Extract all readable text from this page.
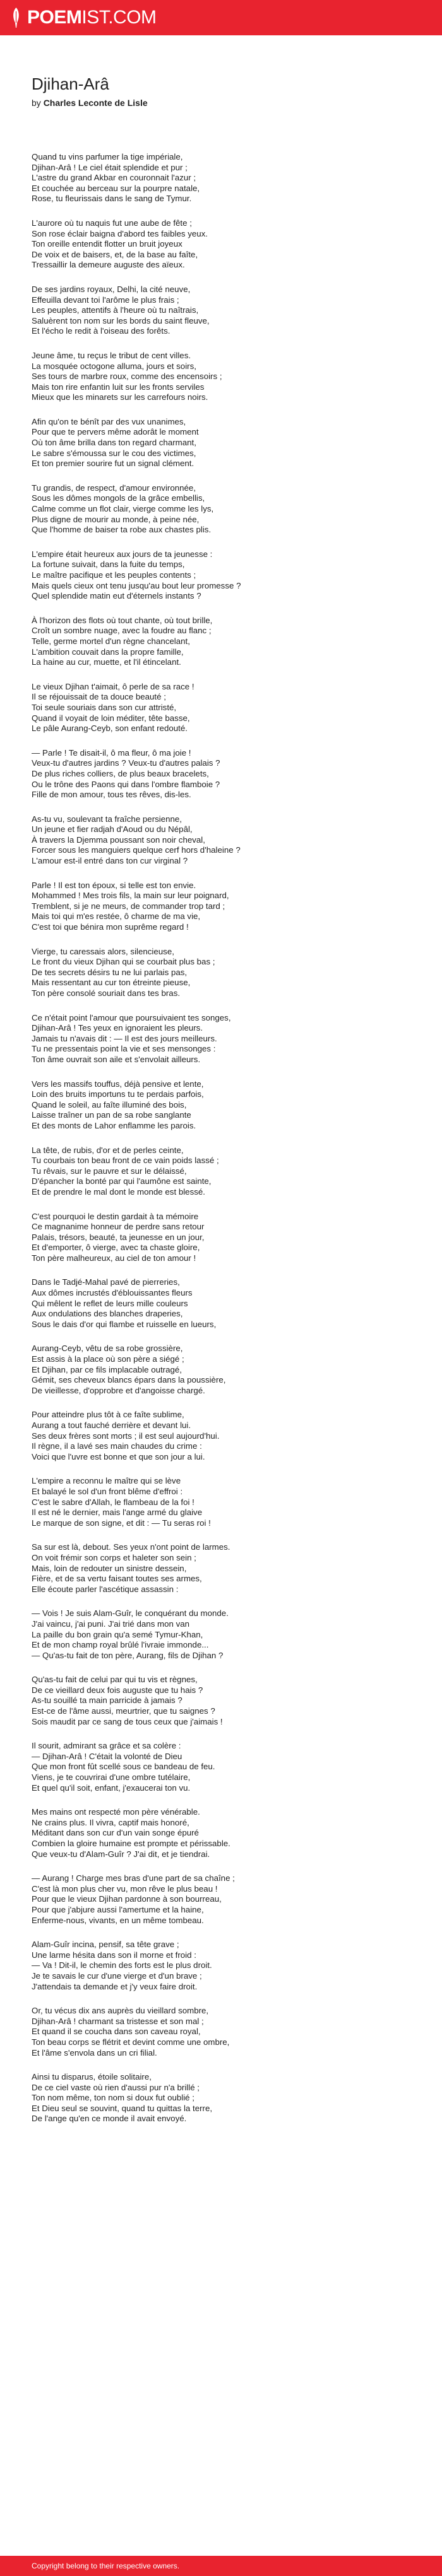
POEM IST.COM
Djihan-Arâ
by Charles Leconte de Lisle
Quand tu vins parfumer la tige impériale,
Djihan-Arâ ! Le ciel était splendide et pur ;
L'astre du grand Akbar en couronnait l'azur ;
Et couchée au berceau sur la pourpre natale,
Rose, tu fleurissais dans le sang de Tymur.
L'aurore où tu naquis fut une aube de fête ;
Son rose éclair baigna d'abord tes faibles yeux.
Ton oreille entendit flotter un bruit joyeux
De voix et de baisers, et, de la base au faîte,
Tressaillir la demeure auguste des aïeux.
De ses jardins royaux, Delhi, la cité neuve,
Effeuilla devant toi l'arôme le plus frais ;
Les peuples, attentifs à l'heure où tu naîtrais,
Saluèrent ton nom sur les bords du saint fleuve,
Et l'écho le redit à l'oiseau des forêts.
Jeune âme, tu reçus le tribut de cent villes.
La mosquée octogone alluma, jours et soirs,
Ses tours de marbre roux, comme des encensoirs ;
Mais ton rire enfantin luit sur les fronts serviles
Mieux que les minarets sur les carrefours noirs.
Afin qu'on te bénît par des vux unanimes,
Pour que te pervers même adorât le moment
Où ton âme brilla dans ton regard charmant,
Le sabre s'émoussa sur le cou des victimes,
Et ton premier sourire fut un signal clément.
Tu grandis, de respect, d'amour environnée,
Sous les dômes mongols de la grâce embellis,
Calme comme un flot clair, vierge comme les lys,
Plus digne de mourir au monde, à peine née,
Que l'homme de baiser ta robe aux chastes plis.
L'empire était heureux aux jours de ta jeunesse :
La fortune suivait, dans la fuite du temps,
Le maître pacifique et les peuples contents ;
Mais quels cieux ont tenu jusqu'au bout leur promesse ?
Quel splendide matin eut d'éternels instants ?
À l'horizon des flots où tout chante, où tout brille,
Croît un sombre nuage, avec la foudre au flanc ;
Telle, germe mortel d'un règne chancelant,
L'ambition couvait dans la propre famille,
La haine au cur, muette, et l'il étincelant.
Le vieux Djihan t'aimait, ô perle de sa race !
Il se réjouissait de ta douce beauté ;
Toi seule souriais dans son cur attristé,
Quand il voyait de loin méditer, tête basse,
Le pâle Aurang-Ceyb, son enfant redouté.
— Parle ! Te disait-il, ô ma fleur, ô ma joie !
Veux-tu d'autres jardins ? Veux-tu d'autres palais ?
De plus riches colliers, de plus beaux bracelets,
Ou le trône des Paons qui dans l'ombre flamboie ?
Fille de mon amour, tous tes rêves, dis-les.
As-tu vu, soulevant ta fraîche persienne,
Un jeune et fier radjah d'Aoud ou du Népâl,
À travers la Djemma poussant son noir cheval,
Forcer sous les manguiers quelque cerf hors d'haleine ?
L'amour est-il entré dans ton cur virginal ?
Parle ! Il est ton époux, si telle est ton envie.
Mohammed ! Mes trois fils, la main sur leur poignard,
Tremblent, si je ne meurs, de commander trop tard ;
Mais toi qui m'es restée, ô charme de ma vie,
C'est toi que bénira mon suprême regard !
Vierge, tu caressais alors, silencieuse,
Le front du vieux Djihan qui se courbait plus bas ;
De tes secrets désirs tu ne lui parlais pas,
Mais ressentant au cur ton étreinte pieuse,
Ton père consolé souriait dans tes bras.
Ce n'était point l'amour que poursuivaient tes songes,
Djihan-Arâ ! Tes yeux en ignoraient les pleurs.
Jamais tu n'avais dit : — Il est des jours meilleurs.
Tu ne pressentais point la vie et ses mensonges :
Ton âme ouvrait son aile et s'envolait ailleurs.
Vers les massifs touffus, déjà pensive et lente,
Loin des bruits importuns tu te perdais parfois,
Quand le soleil, au faîte illuminé des bois,
Laisse traîner un pan de sa robe sanglante
Et des monts de Lahor enflamme les parois.
La tête, de rubis, d'or et de perles ceinte,
Tu courbais ton beau front de ce vain poids lassé ;
Tu rêvais, sur le pauvre et sur le délaissé,
D'épancher la bonté par qui l'aumône est sainte,
Et de prendre le mal dont le monde est blessé.
C'est pourquoi le destin gardait à ta mémoire
Ce magnanime honneur de perdre sans retour
Palais, trésors, beauté, ta jeunesse en un jour,
Et d'emporter, ô vierge, avec ta chaste gloire,
Ton père malheureux, au ciel de ton amour !
Dans le Tadjé-Mahal pavé de pierreries,
Aux dômes incrustés d'éblouissantes fleurs
Qui mêlent le reflet de leurs mille couleurs
Aux ondulations des blanches draperies,
Sous le dais d'or qui flambe et ruisselle en lueurs,
Aurang-Ceyb, vêtu de sa robe grossière,
Est assis à la place où son père a siégé ;
Et Djihan, par ce fils implacable outragé,
Gémit, ses cheveux blancs épars dans la poussière,
De vieillesse, d'opprobre et d'angoisse chargé.
Pour atteindre plus tôt à ce faîte sublime,
Aurang a tout fauché derrière et devant lui.
Ses deux frères sont morts ; il est seul aujourd'hui.
Il règne, il a lavé ses main chaudes du crime :
Voici que l'uvre est bonne et que son jour a lui.
L'empire a reconnu le maître qui se lève
Et balayé le sol d'un front blême d'effroi :
C'est le sabre d'Allah, le flambeau de la foi !
Il est né le dernier, mais l'ange armé du glaive
Le marque de son signe, et dit : — Tu seras roi !
Sa sur est là, debout. Ses yeux n'ont point de larmes.
On voit frémir son corps et haleter son sein ;
Mais, loin de redouter un sinistre dessein,
Fière, et de sa vertu faisant toutes ses armes,
Elle écoute parler l'ascétique assassin :
— Vois ! Je suis Alam-Guîr, le conquérant du monde.
J'ai vaincu, j'ai puni. J'ai trié dans mon van
La paille du bon grain qu'a semé Tymur-Khan,
Et de mon champ royal brûlé l'ivraie immonde...
— Qu'as-tu fait de ton père, Aurang, fils de Djihan ?
Qu'as-tu fait de celui par qui tu vis et règnes,
De ce vieillard deux fois auguste que tu hais ?
As-tu souillé ta main parricide à jamais ?
Est-ce de l'âme aussi, meurtrier, que tu saignes ?
Sois maudit par ce sang de tous ceux que j'aimais !
Il sourit, admirant sa grâce et sa colère :
— Djihan-Arâ ! C'était la volonté de Dieu
Que mon front fût scellé sous ce bandeau de feu.
Viens, je te couvrirai d'une ombre tutélaire,
Et quel qu'il soit, enfant, j'exaucerai ton vu.
Mes mains ont respecté mon père vénérable.
Ne crains plus. Il vivra, captif mais honoré,
Méditant dans son cur d'un vain songe épuré
Combien la gloire humaine est prompte et périssable.
Que veux-tu d'Alam-Guîr ? J'ai dit, et je tiendrai.
— Aurang ! Charge mes bras d'une part de sa chaîne ;
C'est là mon plus cher vu, mon rêve le plus beau !
Pour que le vieux Djihan pardonne à son bourreau,
Pour que j'abjure aussi l'amertume et la haine,
Enferme-nous, vivants, en un même tombeau.
Alam-Guîr incina, pensif, sa tête grave ;
Une larme hésita dans son il morne et froid :
— Va ! Dit-il, le chemin des forts est le plus droit.
Je te savais le cur d'une vierge et d'un brave ;
J'attendais ta demande et j'y veux faire droit.
Or, tu vécus dix ans auprès du vieillard sombre,
Djihan-Arâ ! charmant sa tristesse et son mal ;
Et quand il se coucha dans son caveau royal,
Ton beau corps se flétrit et devint comme une ombre,
Et l'âme s'envola dans un cri filial.
Ainsi tu disparus, étoile solitaire,
De ce ciel vaste où rien d'aussi pur n'a brillé ;
Ton nom même, ton nom si doux fut oublié ;
Et Dieu seul se souvint, quand tu quittas la terre,
De l'ange qu'en ce monde il avait envoyé.
Copyright belong to their respective owners.
